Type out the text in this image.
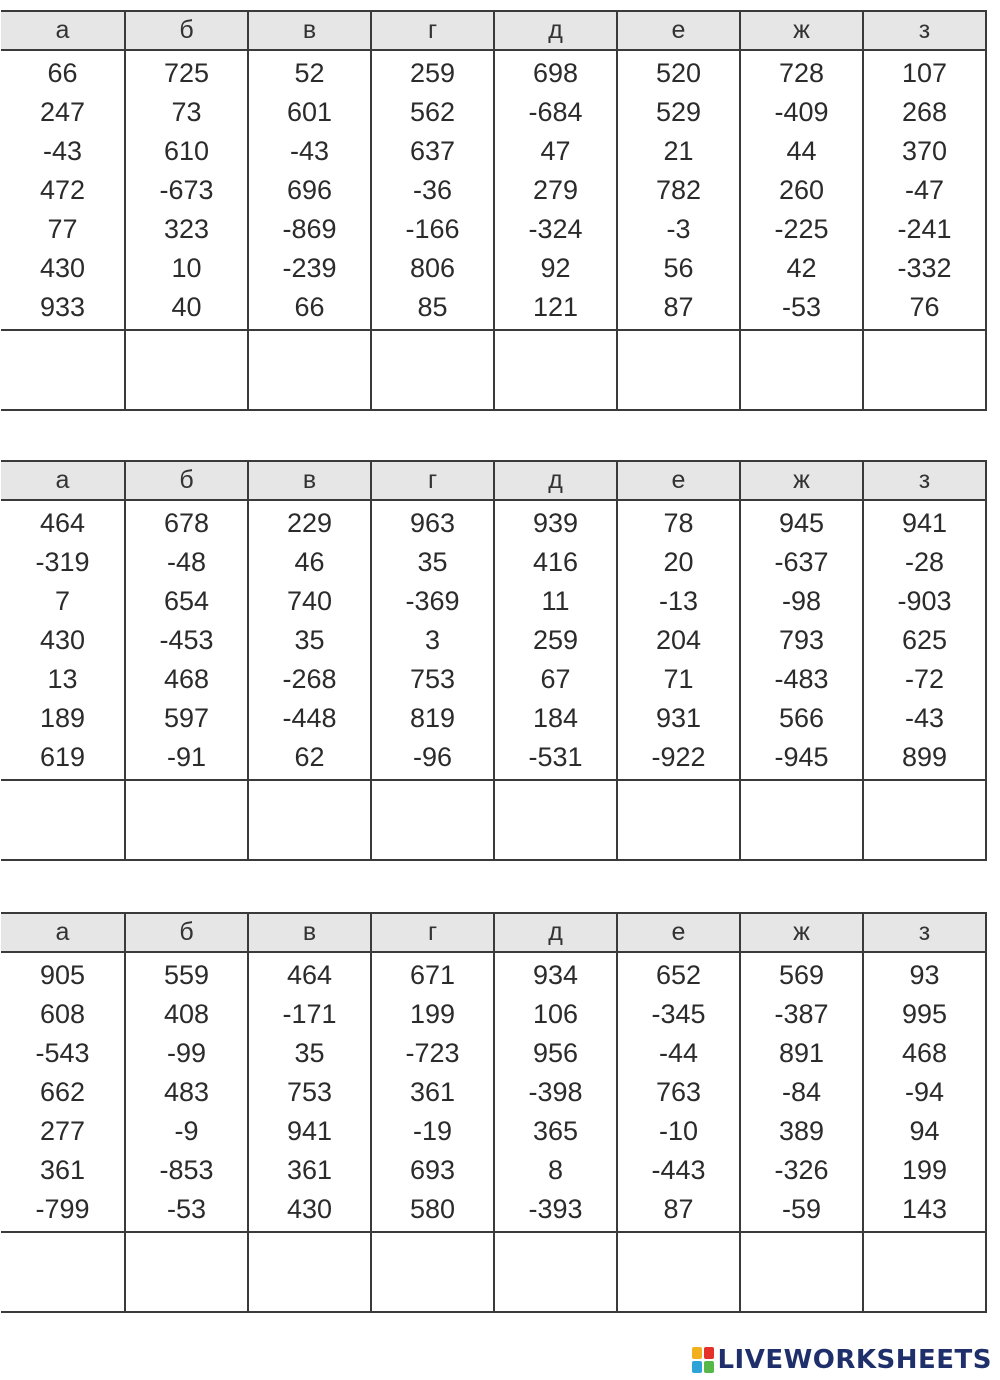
а	б	в	г	д	е	ж	з
66	725	52	259	698	520	728	107
247	73	601	562	-684	529	-409	268
-43	610	-43	637	47	21	44	370
472	-673	696	-36	279	782	260	-47
77	323	-869	-166	-324	-3	-225	-241
430	10	-239	806	92	56	42	-332
933	40	66	85	121	87	-53	76

а	б	в	г	д	е	ж	з
464	678	229	963	939	78	945	941
-319	-48	46	35	416	20	-637	-28
7	654	740	-369	11	-13	-98	-903
430	-453	35	3	259	204	793	625
13	468	-268	753	67	71	-483	-72
189	597	-448	819	184	931	566	-43
619	-91	62	-96	-531	-922	-945	899

а	б	в	г	д	е	ж	з
905	559	464	671	934	652	569	93
608	408	-171	199	106	-345	-387	995
-543	-99	35	-723	956	-44	891	468
662	483	753	361	-398	763	-84	-94
277	-9	941	-19	365	-10	389	94
361	-853	361	693	8	-443	-326	199
-799	-53	430	580	-393	87	-59	143

LIVEWORKSHEETS
